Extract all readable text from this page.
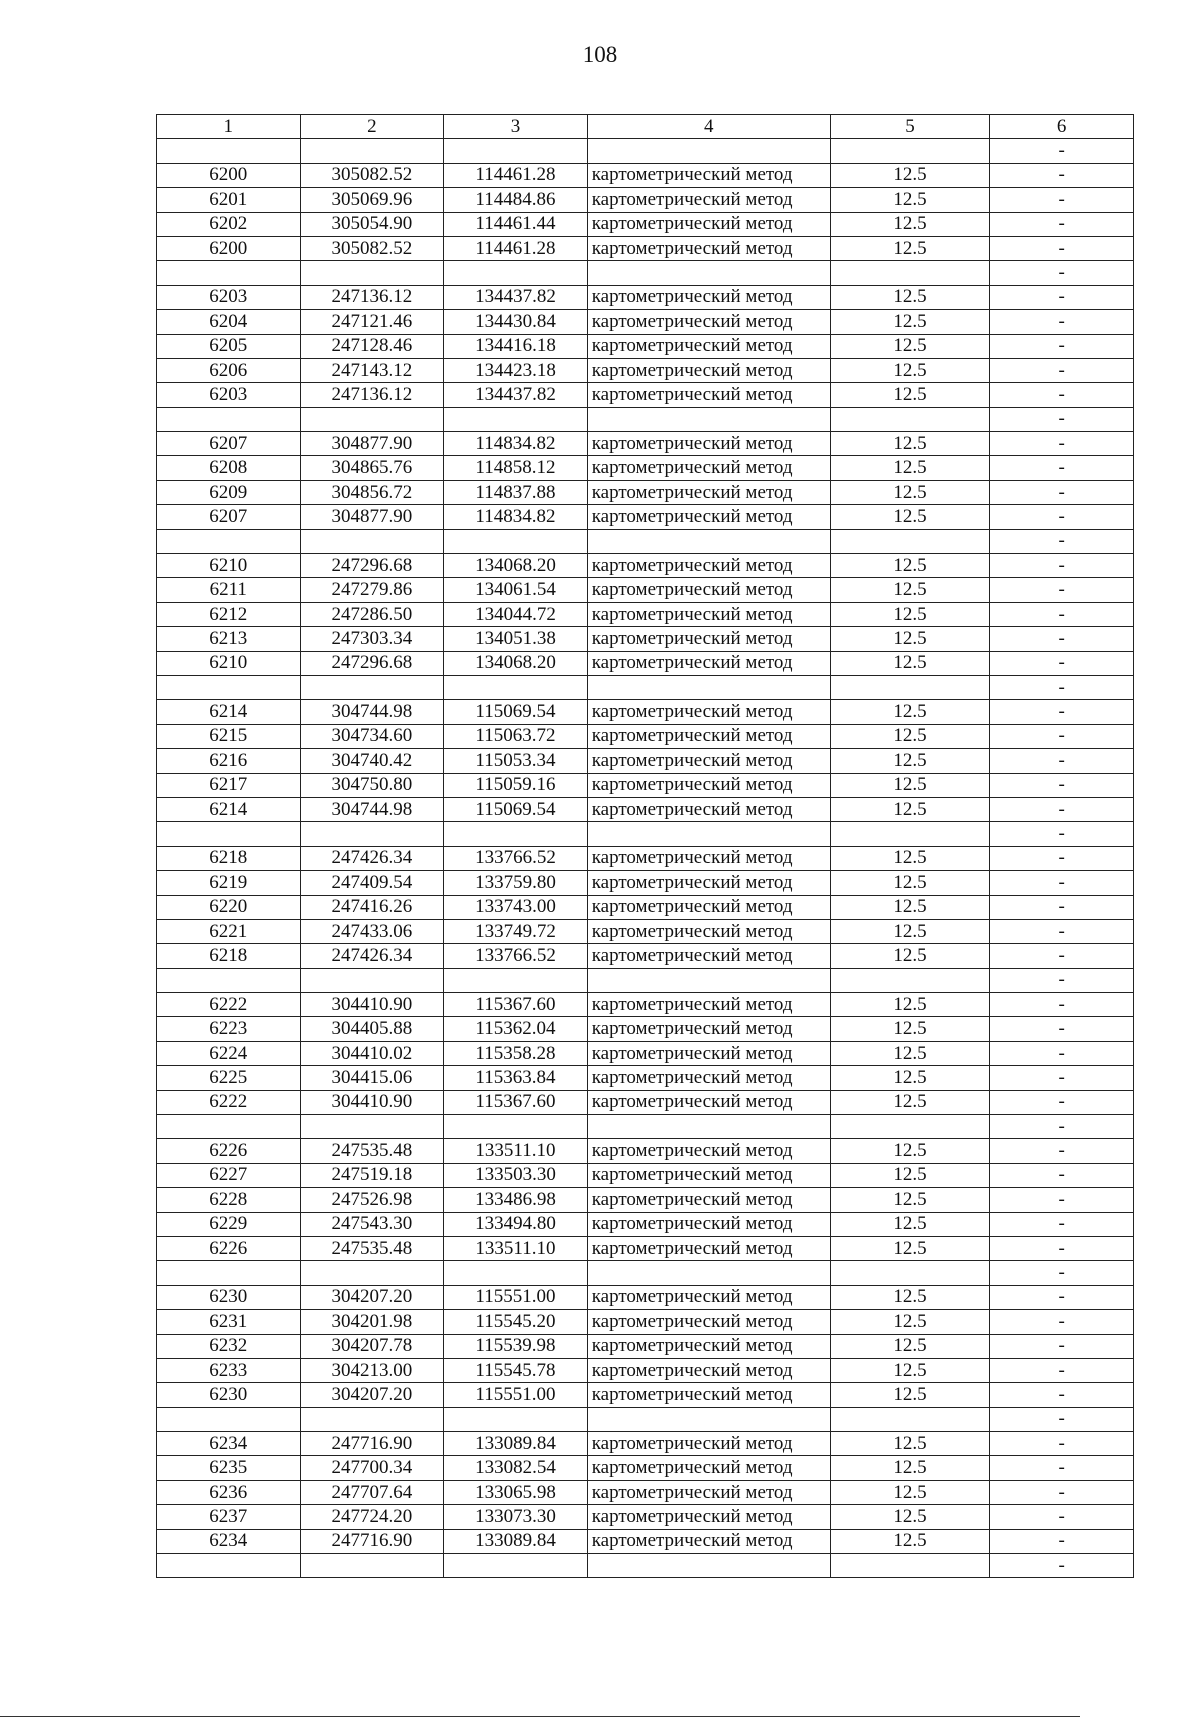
108
1	2	3	4	5	6
					-
6200	305082.52	114461.28	картометрический метод	12.5	-
6201	305069.96	114484.86	картометрический метод	12.5	-
6202	305054.90	114461.44	картометрический метод	12.5	-
6200	305082.52	114461.28	картометрический метод	12.5	-
					-
6203	247136.12	134437.82	картометрический метод	12.5	-
6204	247121.46	134430.84	картометрический метод	12.5	-
6205	247128.46	134416.18	картометрический метод	12.5	-
6206	247143.12	134423.18	картометрический метод	12.5	-
6203	247136.12	134437.82	картометрический метод	12.5	-
					-
6207	304877.90	114834.82	картометрический метод	12.5	-
6208	304865.76	114858.12	картометрический метод	12.5	-
6209	304856.72	114837.88	картометрический метод	12.5	-
6207	304877.90	114834.82	картометрический метод	12.5	-
					-
6210	247296.68	134068.20	картометрический метод	12.5	-
6211	247279.86	134061.54	картометрический метод	12.5	-
6212	247286.50	134044.72	картометрический метод	12.5	-
6213	247303.34	134051.38	картометрический метод	12.5	-
6210	247296.68	134068.20	картометрический метод	12.5	-
					-
6214	304744.98	115069.54	картометрический метод	12.5	-
6215	304734.60	115063.72	картометрический метод	12.5	-
6216	304740.42	115053.34	картометрический метод	12.5	-
6217	304750.80	115059.16	картометрический метод	12.5	-
6214	304744.98	115069.54	картометрический метод	12.5	-
					-
6218	247426.34	133766.52	картометрический метод	12.5	-
6219	247409.54	133759.80	картометрический метод	12.5	-
6220	247416.26	133743.00	картометрический метод	12.5	-
6221	247433.06	133749.72	картометрический метод	12.5	-
6218	247426.34	133766.52	картометрический метод	12.5	-
					-
6222	304410.90	115367.60	картометрический метод	12.5	-
6223	304405.88	115362.04	картометрический метод	12.5	-
6224	304410.02	115358.28	картометрический метод	12.5	-
6225	304415.06	115363.84	картометрический метод	12.5	-
6222	304410.90	115367.60	картометрический метод	12.5	-
					-
6226	247535.48	133511.10	картометрический метод	12.5	-
6227	247519.18	133503.30	картометрический метод	12.5	-
6228	247526.98	133486.98	картометрический метод	12.5	-
6229	247543.30	133494.80	картометрический метод	12.5	-
6226	247535.48	133511.10	картометрический метод	12.5	-
					-
6230	304207.20	115551.00	картометрический метод	12.5	-
6231	304201.98	115545.20	картометрический метод	12.5	-
6232	304207.78	115539.98	картометрический метод	12.5	-
6233	304213.00	115545.78	картометрический метод	12.5	-
6230	304207.20	115551.00	картометрический метод	12.5	-
					-
6234	247716.90	133089.84	картометрический метод	12.5	-
6235	247700.34	133082.54	картометрический метод	12.5	-
6236	247707.64	133065.98	картометрический метод	12.5	-
6237	247724.20	133073.30	картометрический метод	12.5	-
6234	247716.90	133089.84	картометрический метод	12.5	-
					-
